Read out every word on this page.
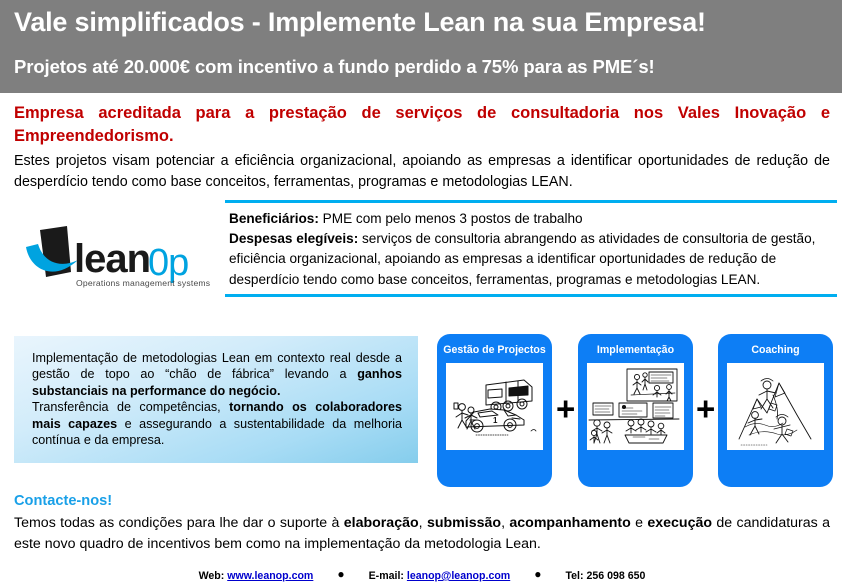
Vale simplificados - Implemente Lean na sua Empresa!
Projetos até 20.000€ com incentivo a fundo perdido a 75% para as PME´s!
Empresa acreditada para a prestação de serviços de consultadoria nos Vales Inovação e Empreendedorismo.
Estes projetos visam potenciar a eficiência organizacional, apoiando as empresas a identificar oportunidades de redução de desperdício tendo como base conceitos, ferramentas, programas e metodologias LEAN.
lean
0p
Operations management systems
Beneficiários: PME com pelo menos 3 postos de trabalho
Despesas elegíveis: serviços de consultoria abrangendo as atividades de consultoria de gestão, eficiência organizacional, apoiando as empresas a identificar oportunidades de redução de desperdício tendo como base conceitos, ferramentas, programas e metodologias LEAN.

Implementação de metodologias Lean em contexto real desde a gestão de topo ao “chão de fábrica” levando a ganhos substanciais na performance do negócio.

Transferência de competências, tornando os colaboradores mais capazes e assegurando a sustentabilidade da melhoria contínua e da empresa.

Gestão de Projectos
1 +
Implementação
+
Coaching
Contacte-nos!
Temos todas as condições para lhe dar o suporte à elaboração, submissão, acompanhamento e execução de candidaturas a este novo quadro de incentivos bem como na implementação da metodologia Lean.
Web: www.leanop.com ● E-mail: leanop@leanop.com ● Tel: 256 098 650
